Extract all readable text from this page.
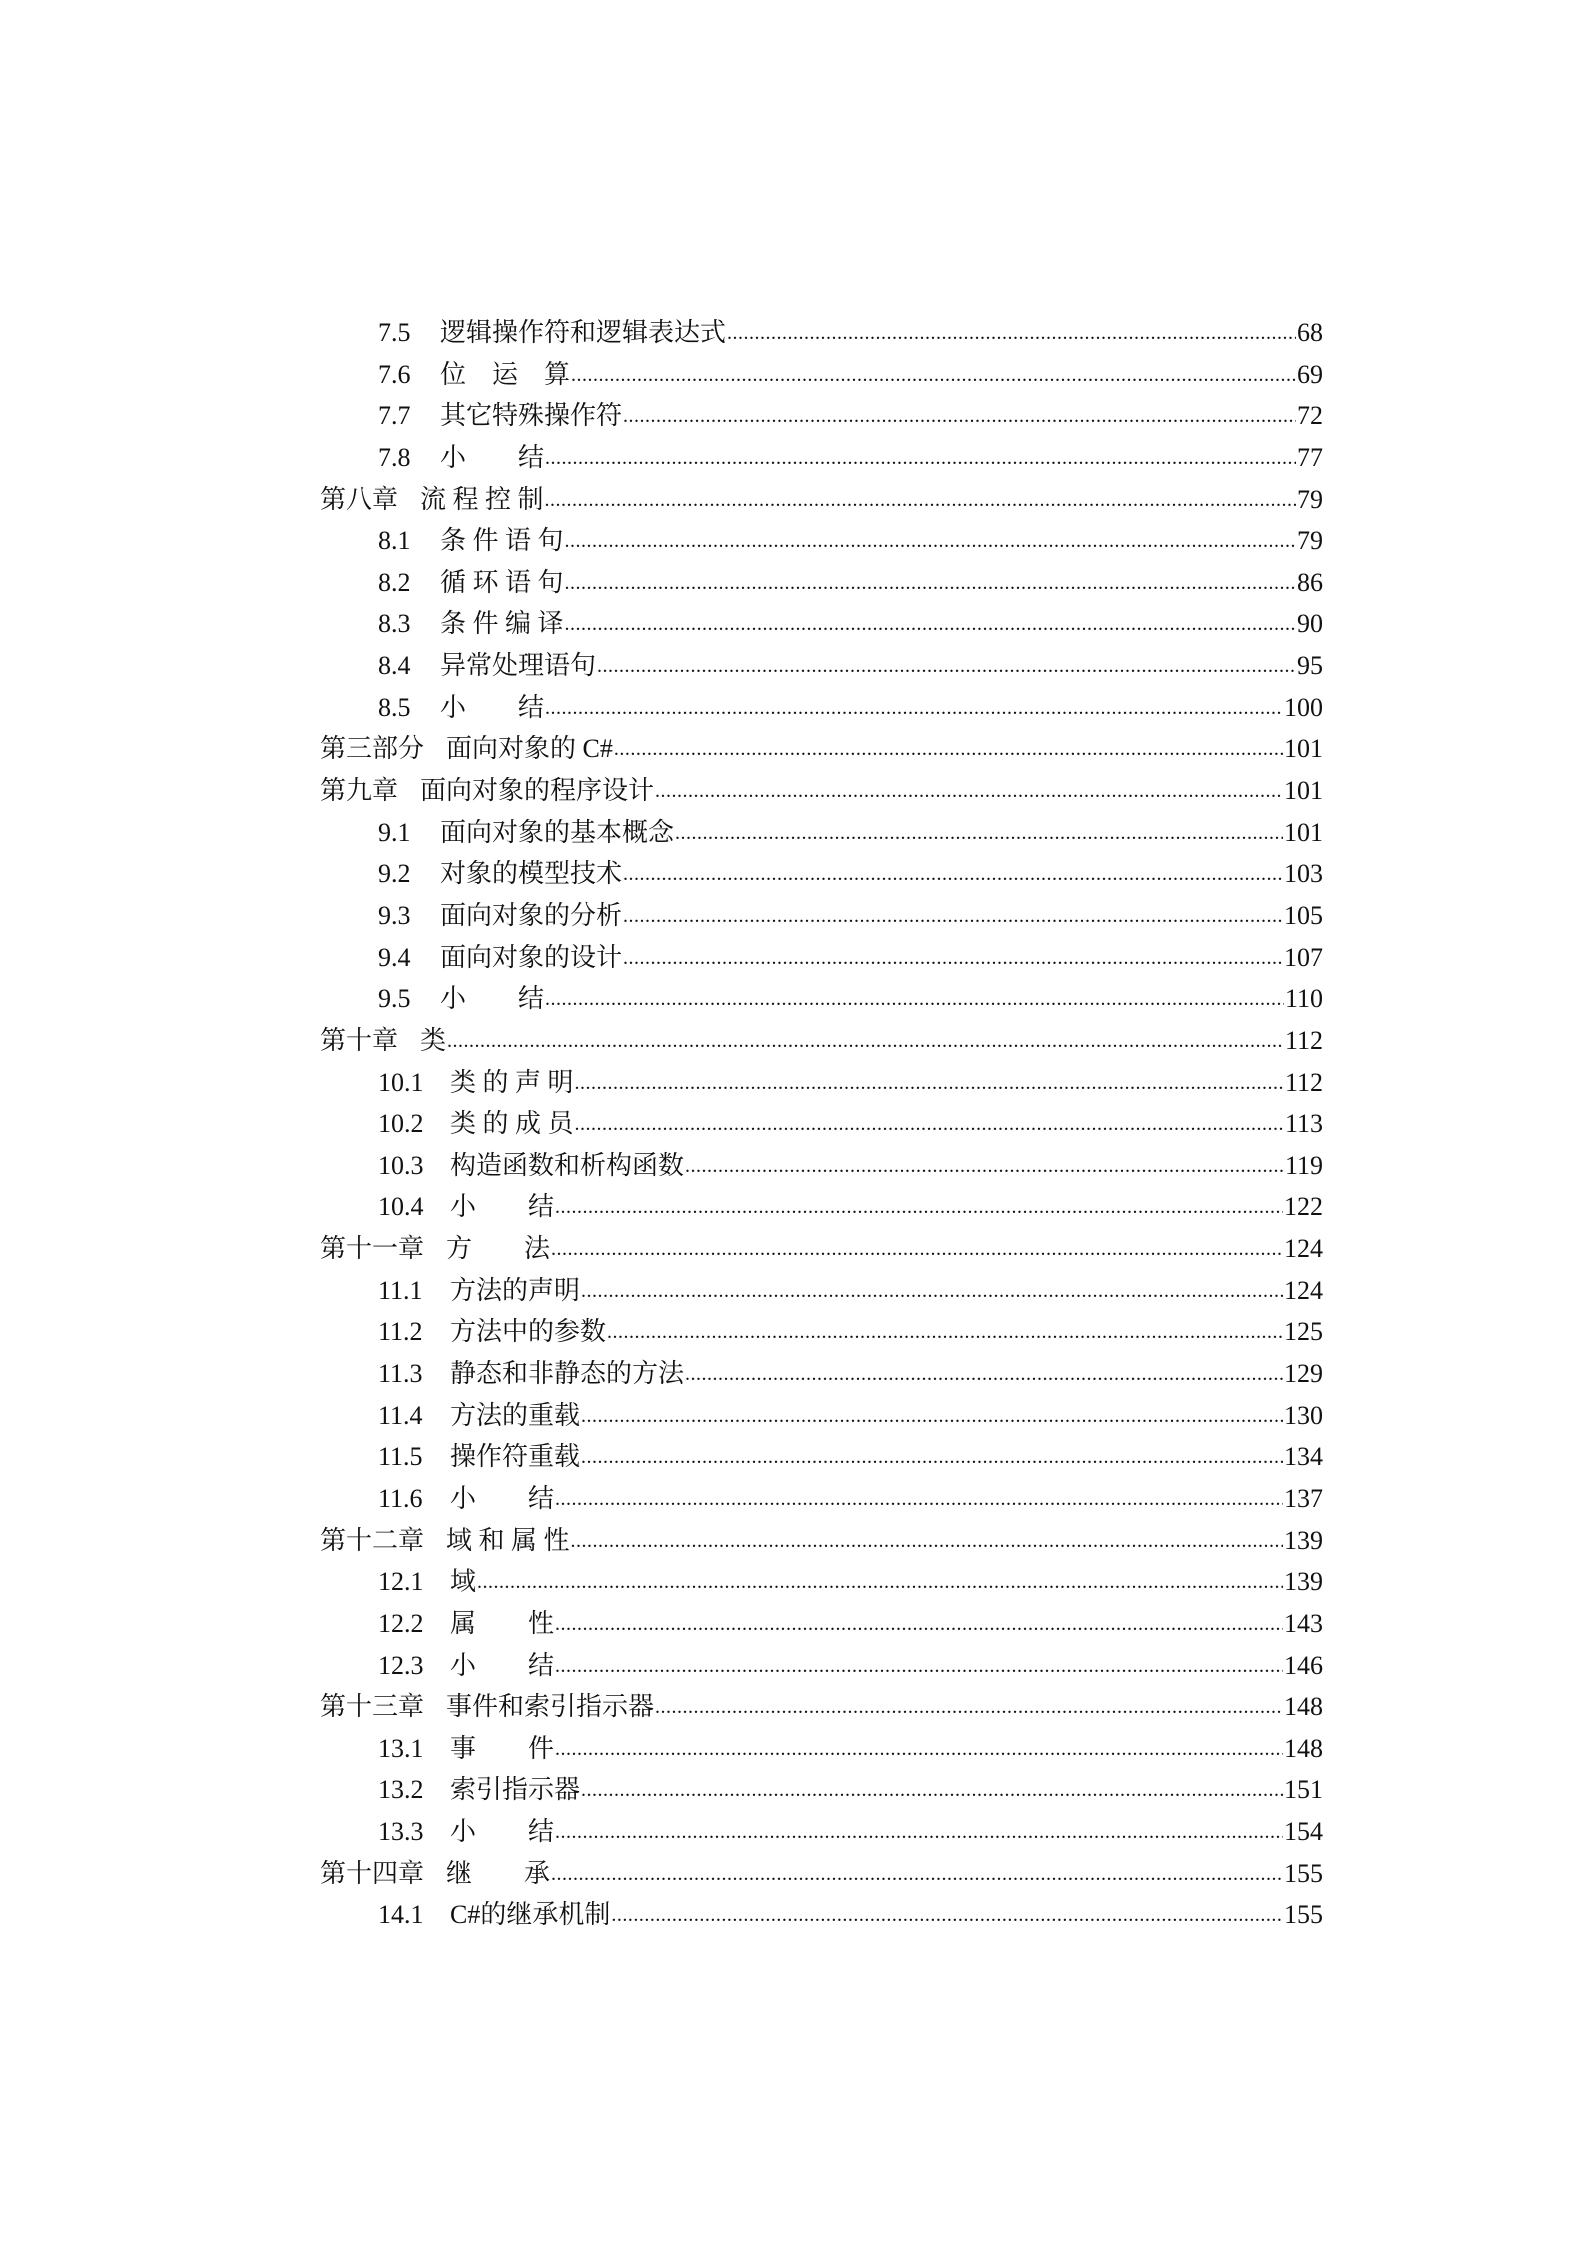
7.5	逻辑操作符和逻辑表达式 .....	68
7.6	位　运　算 .....	69
7.7	其它特殊操作符 .....	72
7.8	小　　结 .....	77
第八章 流 程 控 制 .....	79
8.1	条 件 语 句 .....	79
8.2	循 环 语 句 .....	86
8.3	条 件 编 译 .....	90
8.4	异常处理语句 .....	95
8.5	小　　结 .....	100
第三部分 面向对象的 C# .....	101
第九章 面向对象的程序设计 .....	101
9.1	面向对象的基本概念 .....	101
9.2	对象的模型技术 .....	103
9.3	面向对象的分析 .....	105
9.4	面向对象的设计 .....	107
9.5	小　　结 .....	110
第十章 类 .....	112
10.1	类 的 声 明 .....	112
10.2	类 的 成 员 .....	113
10.3	构造函数和析构函数 .....	119
10.4	小　　结 .....	122
第十一章 方　　法 .....	124
11.1	方法的声明 .....	124
11.2	方法中的参数 .....	125
11.3	静态和非静态的方法 .....	129
11.4	方法的重载 .....	130
11.5	操作符重载 .....	134
11.6	小　　结 .....	137
第十二章 域 和 属 性 .....	139
12.1	域 .....	139
12.2	属　　性 .....	143
12.3	小　　结 .....	146
第十三章 事件和索引指示器 .....	148
13.1	事　　件 .....	148
13.2	索引指示器 .....	151
13.3	小　　结 .....	154
第十四章 继　　承 .....	155
14.1	C#的继承机制 .....	155
